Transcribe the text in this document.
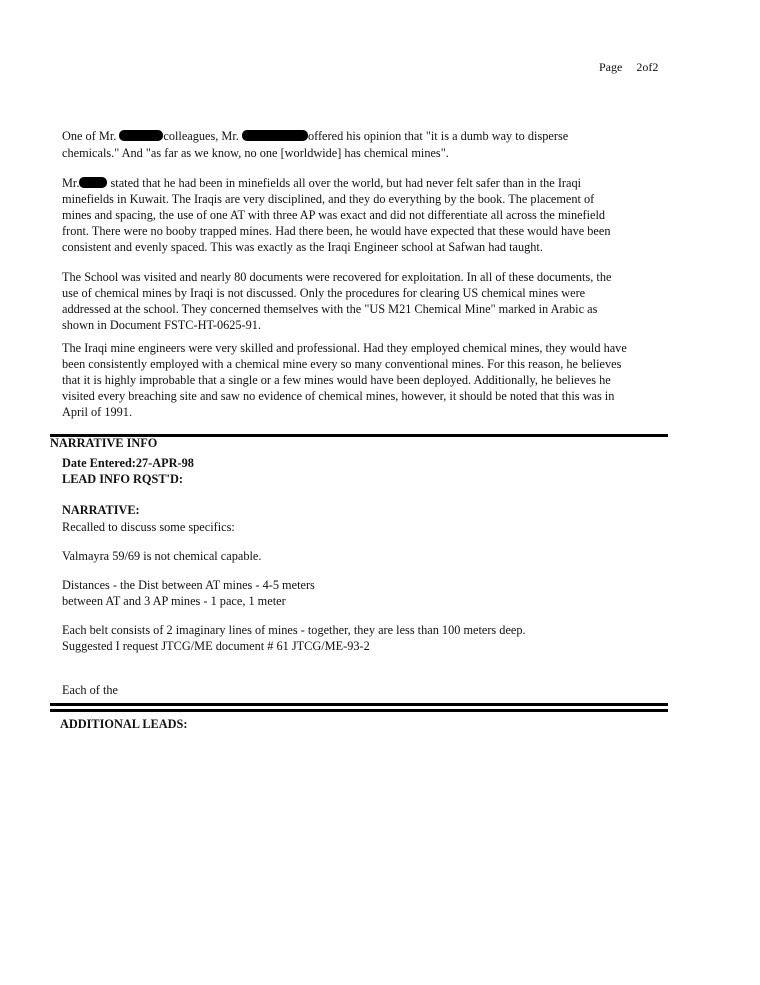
Page 2of2
One of Mr.	colleagues, Mr.	offered his opinion that "it is a dumb way to disperse
chemicals." And "as far as we know, no one [worldwide] has chemical mines".
Mr.	stated that he had been in minefields all over the world, but had never felt safer than in the Iraqi
minefields in Kuwait. The Iraqis are very disciplined, and they do everything by the book. The placement of
mines and spacing, the use of one AT with three AP was exact and did not differentiate all across the minefield
front. There were no booby trapped mines. Had there been, he would have expected that these would have been
consistent and evenly spaced. This was exactly as the Iraqi Engineer school at Safwan had taught.
The School was visited and nearly 80 documents were recovered for exploitation. In all of these documents, the
use of chemical mines by Iraqi is not discussed. Only the procedures for clearing US chemical mines were
addressed at the school. They concerned themselves with the "US M21 Chemical Mine" marked in Arabic as
shown in Document FSTC-HT-0625-91.
The Iraqi mine engineers were very skilled and professional. Had they employed chemical mines, they would have
been consistently employed with a chemical mine every so many conventional mines. For this reason, he believes
that it is highly improbable that a single or a few mines would have been deployed. Additionally, he believes he
visited every breaching site and saw no evidence of chemical mines, however, it should be noted that this was in
April of 1991.
NARRATIVE INFO
Date Entered:27-APR-98
LEAD INFO RQST'D:
NARRATIVE:
Recalled to discuss some specifics:
Valmayra 59/69 is not chemical capable.
Distances - the Dist between AT mines - 4-5 meters
between AT and 3 AP mines - 1 pace, 1 meter
Each belt consists of 2 imaginary lines of mines - together, they are less than 100 meters deep.
Suggested I request JTCG/ME document # 61 JTCG/ME-93-2
Each of the
ADDITIONAL LEADS:
